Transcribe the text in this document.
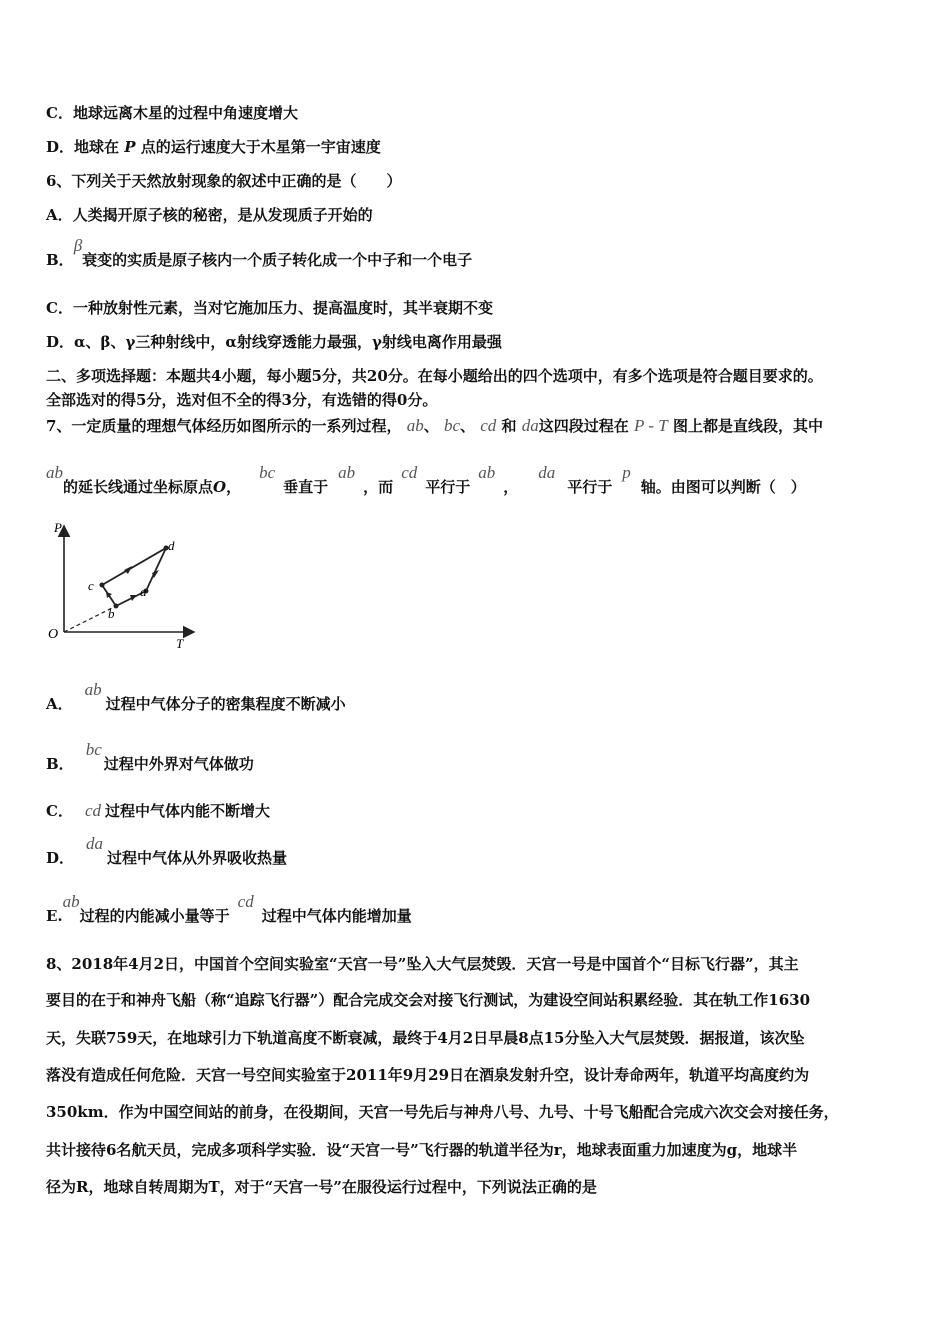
C．地球远离木星的过程中角速度增大
D．地球在 P 点的运行速度大于木星第一宇宙速度
6、下列关于天然放射现象的叙述中正确的是（　　）
A．人类揭开原子核的秘密，是从发现质子开始的
B．β衰变的实质是原子核内一个质子转化成一个中子和一个电子
C．一种放射性元素，当对它施加压力、提高温度时，其半衰期不变
D．α、β、γ三种射线中，α射线穿透能力最强，γ射线电离作用最强
二、多项选择题：本题共4小题，每小题5分，共20分。在每小题给出的四个选项中，有多个选项是符合题目要求的。
全部选对的得5分，选对但不全的得3分，有选错的得0分。
7、一定质量的理想气体经历如图所示的一系列过程， ab、 bc、 cd 和 da这四段过程在 P - T 图上都是直线段，其中
ab的延长线通过坐标原点O，bc垂直于ab，而cd平行于ab，da平行于p轴。由图可以判断（　）
P
T
O
a
b
c
d
A．ab过程中气体分子的密集程度不断减小
B．bc过程中外界对气体做功
C． cd 过程中气体内能不断增大
D．da过程中气体从外界吸收热量
E.ab过程的内能减小量等于cd过程中气体内能增加量
8、2018年4月2日，中国首个空间实验室“天宫一号”坠入大气层焚毁．天宫一号是中国首个“目标飞行器”，其主
要目的在于和神舟飞船（称“追踪飞行器”）配合完成交会对接飞行测试，为建设空间站积累经验．其在轨工作1630
天，失联759天，在地球引力下轨道高度不断衰减，最终于4月2日早晨8点15分坠入大气层焚毁．据报道，该次坠
落没有造成任何危险．天宫一号空间实验室于2011年9月29日在酒泉发射升空，设计寿命两年，轨道平均高度约为
350km．作为中国空间站的前身，在役期间，天宫一号先后与神舟八号、九号、十号飞船配合完成六次交会对接任务，
共计接待6名航天员，完成多项科学实验．设“天宫一号”飞行器的轨道半径为r，地球表面重力加速度为g，地球半
径为R，地球自转周期为T，对于“天宫一号”在服役运行过程中，下列说法正确的是
